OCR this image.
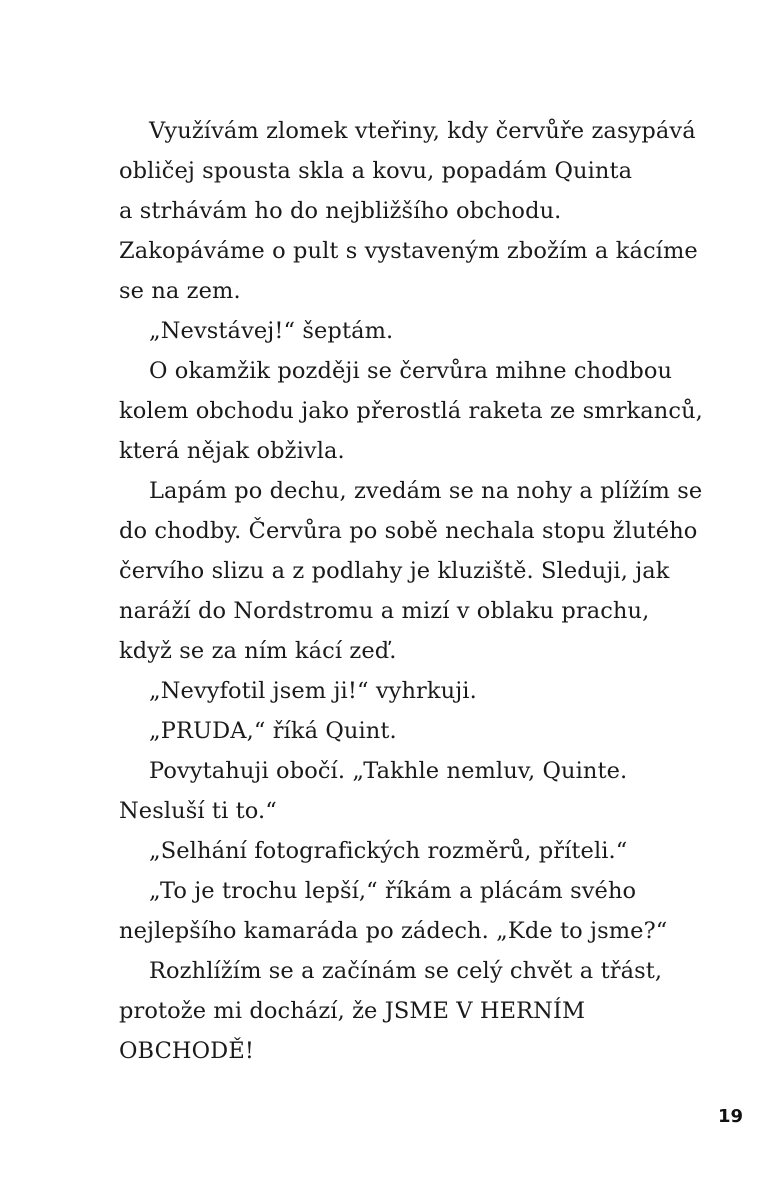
Využívám zlomek vteřiny, kdy červůře zasypává
obličej spousta skla a kovu, popadám Quinta
a strhávám ho do nejbližšího obchodu.
Zakopáváme o pult s vystaveným zbožím a kácíme
se na zem.
„Nevstávej!“ šeptám.
O okamžik později se červůra mihne chodbou
kolem obchodu jako přerostlá raketa ze smrkanců,
která nějak obživla.
Lapám po dechu, zvedám se na nohy a plížím se
do chodby. Červůra po sobě nechala stopu žlutého
červího slizu a z podlahy je kluziště. Sleduji, jak
naráží do Nordstromu a mizí v oblaku prachu,
když se za ním kácí zeď.
„Nevyfotil jsem ji!“ vyhrkuji.
„PRUDA,“ říká Quint.
Povytahuji obočí. „Takhle nemluv, Quinte.
Nesluší ti to.“
„Selhání fotografických rozměrů, příteli.“
„To je trochu lepší,“ říkám a plácám svého
nejlepšího kamaráda po zádech. „Kde to jsme?“
Rozhlížím se a začínám se celý chvět a třást,
protože mi dochází, že JSME V HERNÍM
OBCHODĚ!
19
